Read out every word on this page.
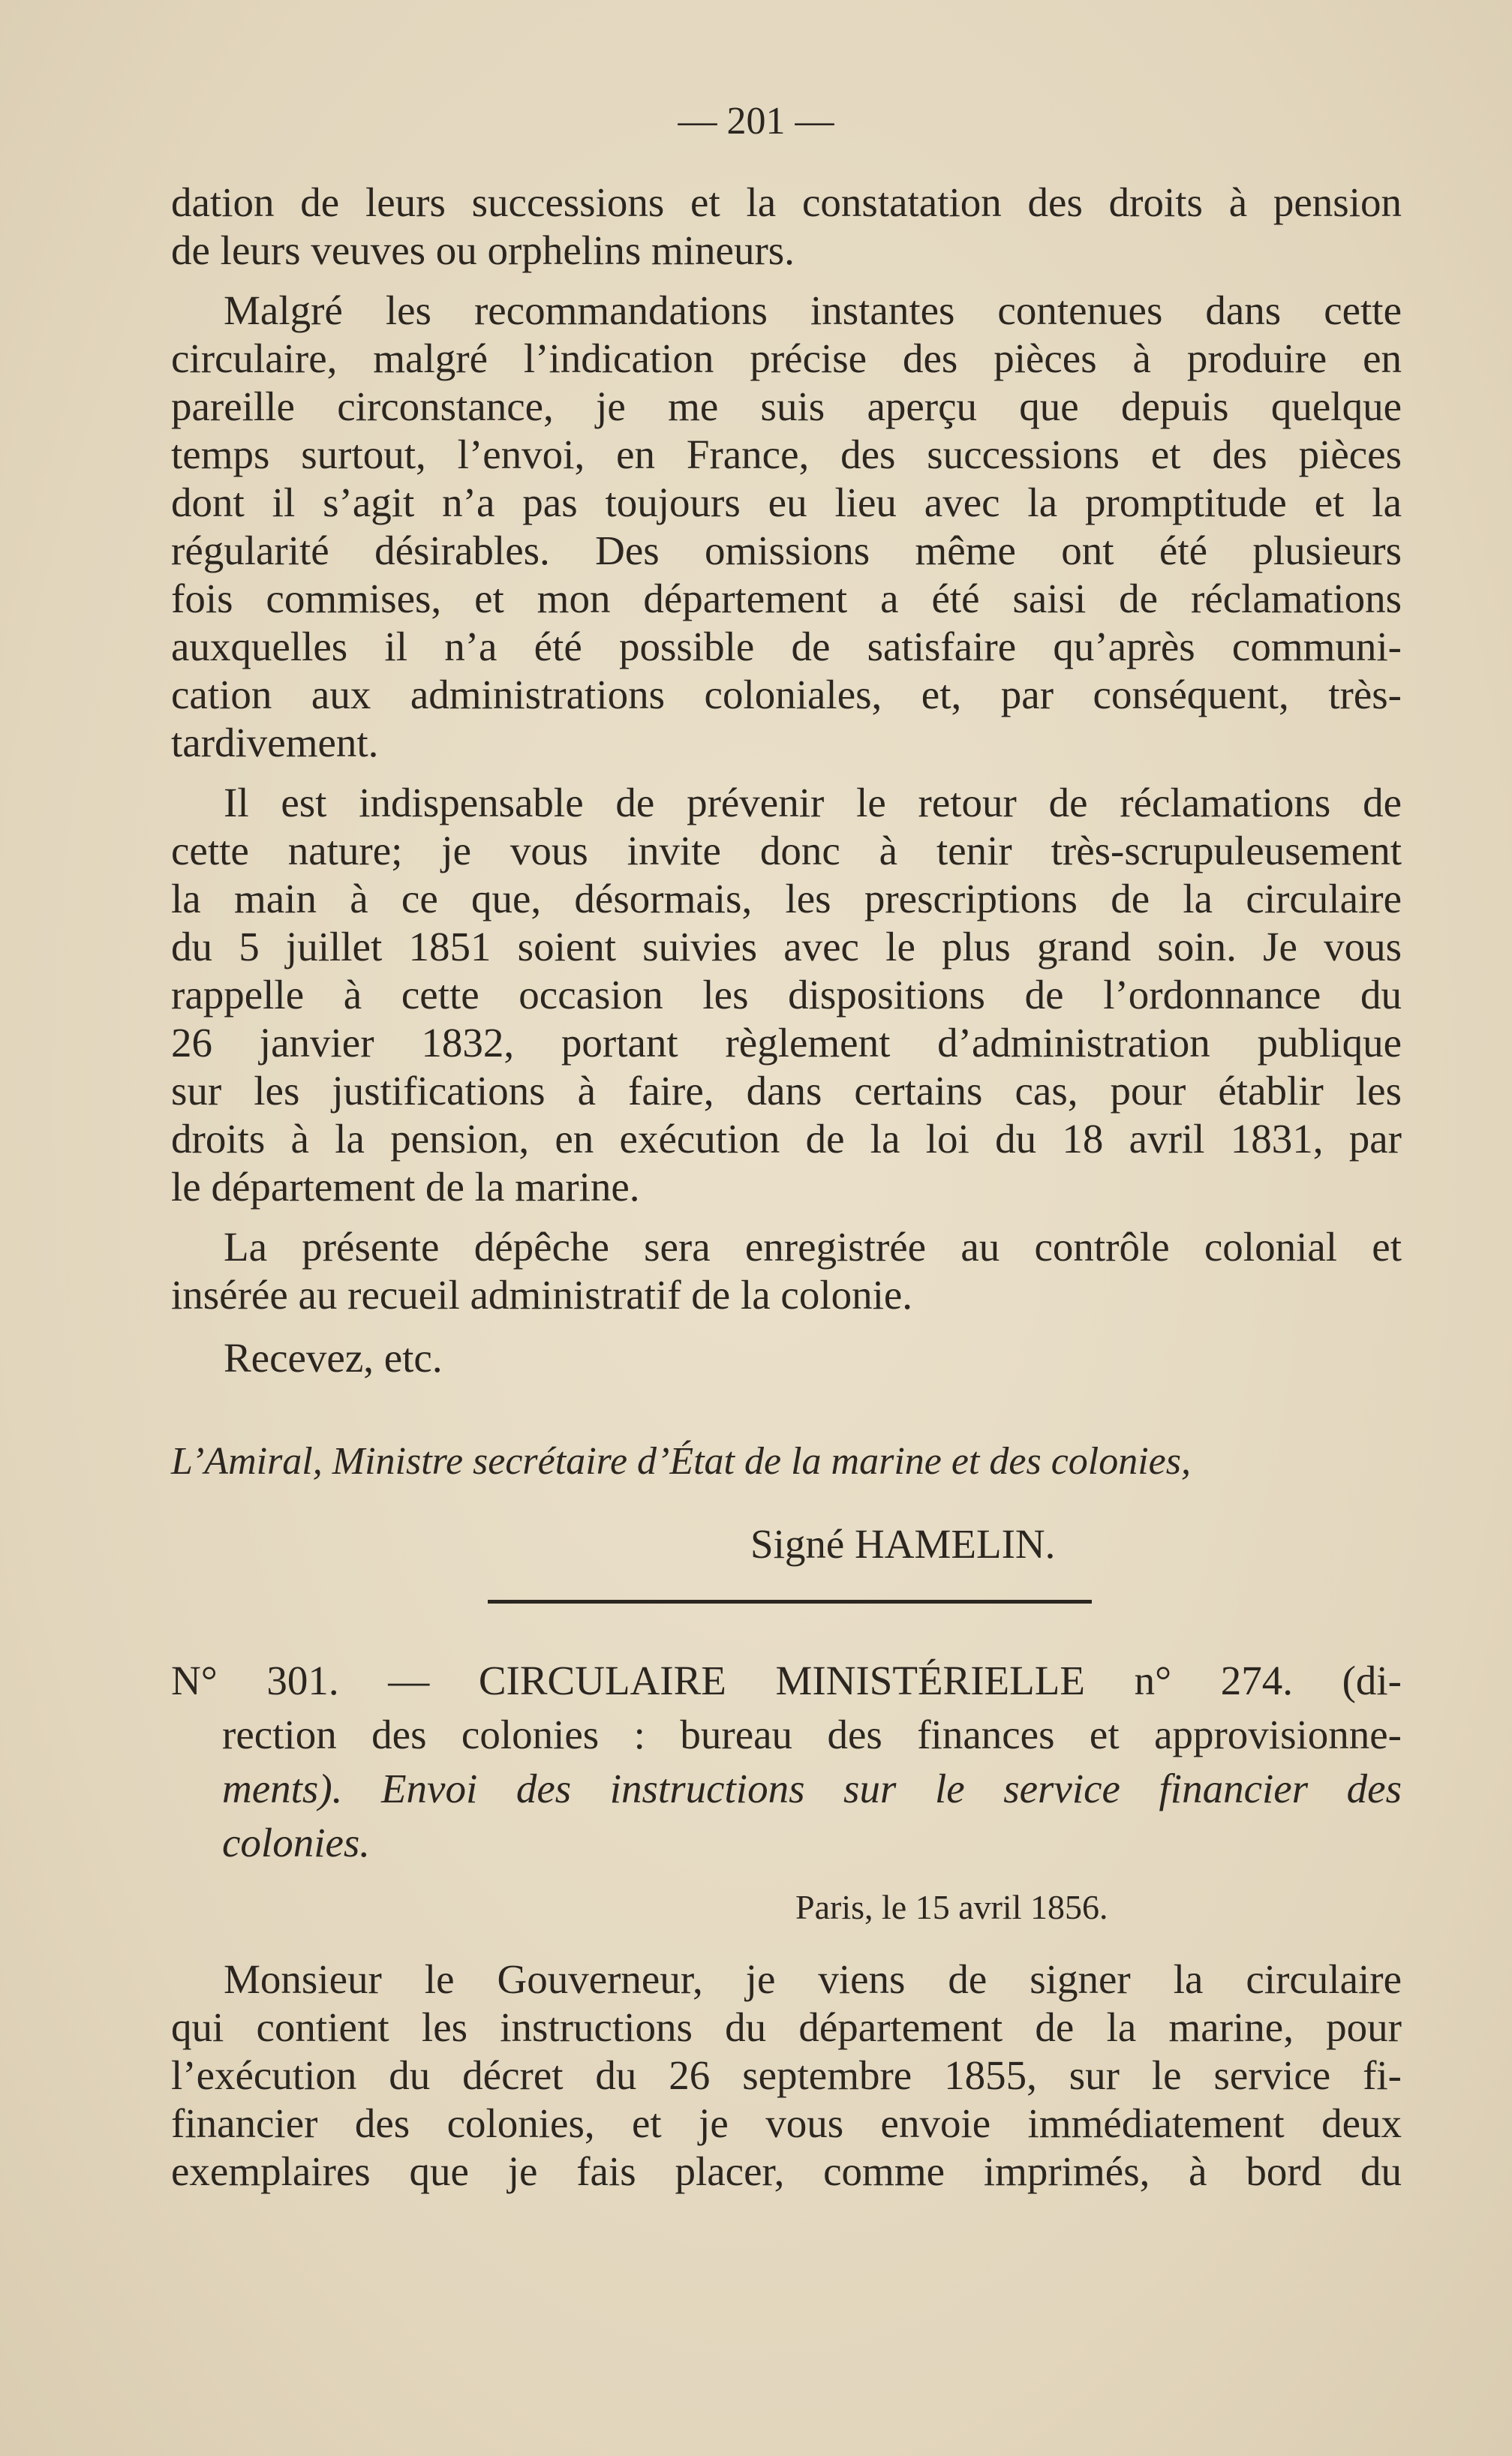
— 201 —
dation de leurs successions et la constatation des droits à pension
de leurs veuves ou orphelins mineurs.
Malgré les recommandations instantes contenues dans cette
circulaire, malgré l’indication précise des pièces à produire en
pareille circonstance, je me suis aperçu que depuis quelque
temps surtout, l’envoi, en France, des successions et des pièces
dont il s’agit n’a pas toujours eu lieu avec la promptitude et la
régularité désirables. Des omissions même ont été plusieurs
fois commises, et mon département a été saisi de réclamations
auxquelles il n’a été possible de satisfaire qu’après communi-
cation aux administrations coloniales, et, par conséquent, très-
tardivement.
Il est indispensable de prévenir le retour de réclamations de
cette nature; je vous invite donc à tenir très-scrupuleusement
la main à ce que, désormais, les prescriptions de la circulaire
du 5 juillet 1851 soient suivies avec le plus grand soin. Je vous
rappelle à cette occasion les dispositions de l’ordonnance du
26 janvier 1832, portant règlement d’administration publique
sur les justifications à faire, dans certains cas, pour établir les
droits à la pension, en exécution de la loi du 18 avril 1831, par
le département de la marine.
La présente dépêche sera enregistrée au contrôle colonial et
insérée au recueil administratif de la colonie.
Recevez, etc.
L’Amiral, Ministre secrétaire d’État de la marine et des colonies,
Signé HAMELIN.
N° 301. — CIRCULAIRE MINISTÉRIELLE n° 274. (di-
rection des colonies : bureau des finances et approvisionne-
ments). Envoi des instructions sur le service financier des
colonies.
Paris, le 15 avril 1856.
Monsieur le Gouverneur, je viens de signer la circulaire
qui contient les instructions du département de la marine, pour
l’exécution du décret du 26 septembre 1855, sur le service fi-
financier des colonies, et je vous envoie immédiatement deux
exemplaires que je fais placer, comme imprimés, à bord du
